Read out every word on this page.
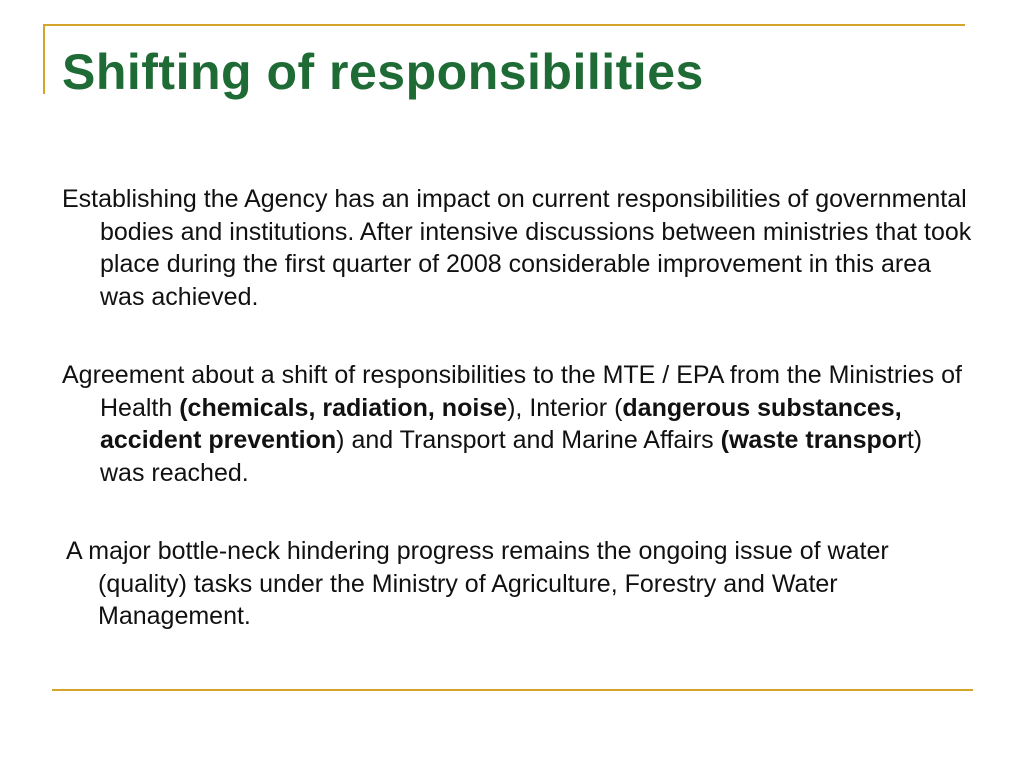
Shifting of responsibilities

Establishing the Agency has an impact on current responsibilities of governmental bodies and institutions. After intensive discussions between ministries that took place during the first quarter of 2008 considerable improvement in this area was achieved.

Agreement about a shift of responsibilities to the MTE / EPA from the Ministries of Health (chemicals, radiation, noise), Interior (dangerous substances, accident prevention) and Transport and Marine Affairs (waste transport) was reached.

A major bottle-neck hindering progress remains the ongoing issue of water (quality) tasks under the Ministry of Agriculture, Forestry and Water Management.
